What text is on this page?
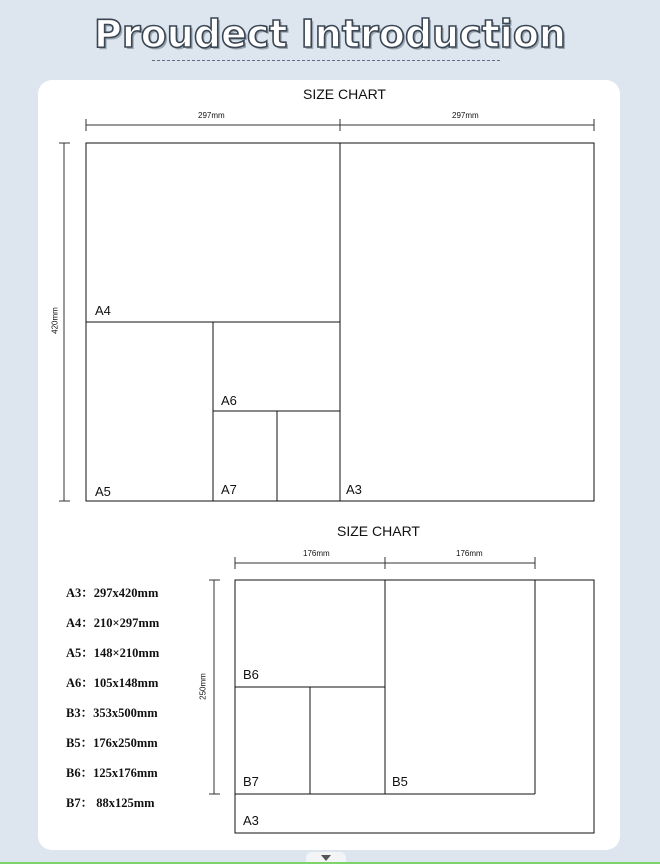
Proudect Introduction
SIZE CHART
297mm	297mm
420mm	A4
A6
A5	A7	A3
SIZE CHART
176mm	176mm
250mm	B6
B7	B5
A3
A3：297x420mm
A4：210×297mm
A5：148×210mm
A6：105x148mm
B3：353x500mm
B5：176x250mm
B6：125x176mm
B7： 88x125mm
